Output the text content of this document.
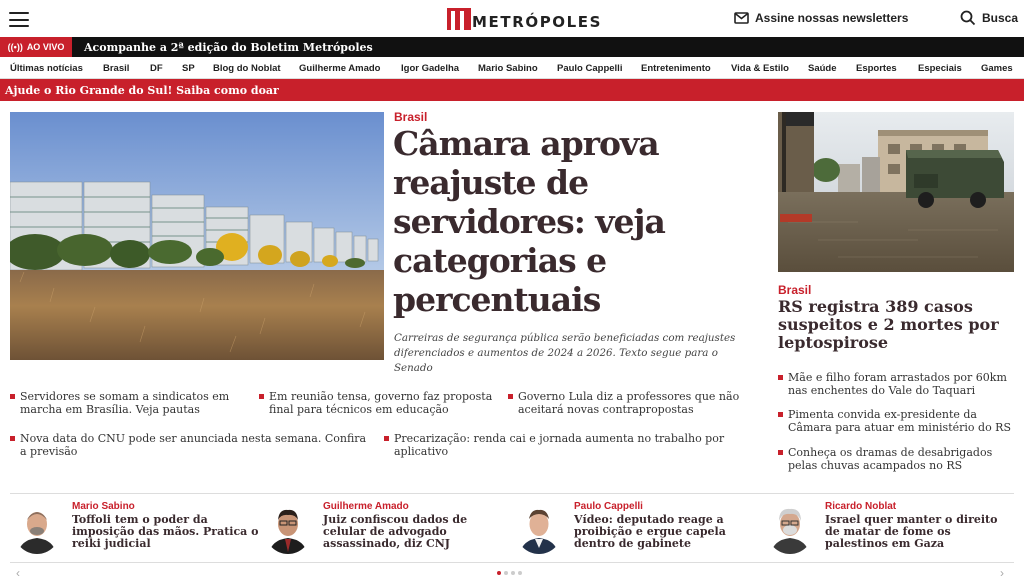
METRÓPOLES	Assine nossas newsletters	Busca
((•)) AO VIVO Acompanhe a 2ª edição do Boletim Metrópoles
Últimas notícias Brasil DF SP Blog do Noblat Guilherme Amado Igor Gadelha Mario Sabino Paulo Cappelli Entretenimento Vida & Estilo Saúde Esportes Especiais Games
Ajude o Rio Grande do Sul! Saiba como doar
Brasil
Câmara aprova reajuste de servidores: veja categorias e percentuais

Carreiras de segurança pública serão beneficiadas com reajustes diferenciados e aumentos de 2024 a 2026. Texto segue para o Senado

Servidores se somam a sindicatos em marcha em Brasília. Veja pautas
Em reunião tensa, governo faz proposta final para técnicos em educação
Governo Lula diz a professores que não aceitará novas contrapropostas
Nova data do CNU pode ser anunciada nesta semana. Confira a previsão
Precarização: renda cai e jornada aumenta no trabalho por aplicativo
Brasil
RS registra 389 casos suspeitos e 2 mortes por leptospirose
Mãe e filho foram arrastados por 60km nas enchentes do Vale do Taquari
Pimenta convida ex-presidente da Câmara para atuar em ministério do RS
Conheça os dramas de desabrigados pelas chuvas acampados no RS
Mario Sabino
Toffoli tem o poder da imposição das mãos. Pratica o reiki judicial
Guilherme Amado
Juiz confiscou dados de celular de advogado assassinado, diz CNJ
Paulo Cappelli
Vídeo: deputado reage a proibição e ergue capela dentro de gabinete
Ricardo Noblat
Israel quer manter o direito de matar de fome os palestinos em Gaza
‹	›
